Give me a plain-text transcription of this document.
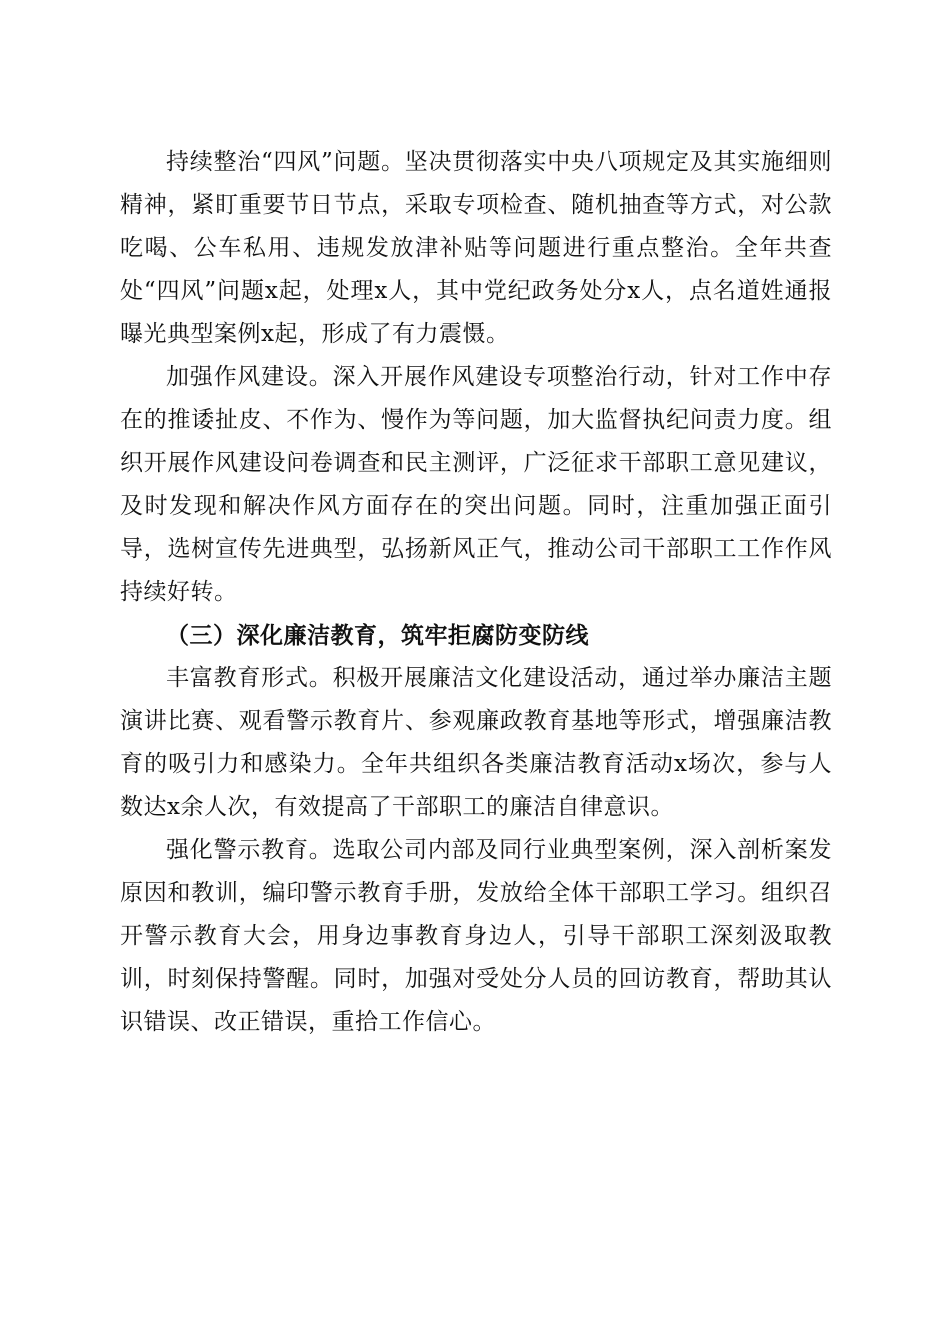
持续整治“四风”问题。坚决贯彻落实中央八项规定及其实施细则精神，紧盯重要节日节点，采取专项检查、随机抽查等方式，对公款吃喝、公车私用、违规发放津补贴等问题进行重点整治。全年共查处“四风”问题x起，处理x人，其中党纪政务处分x人，点名道姓通报曝光典型案例x起，形成了有力震慑。

加强作风建设。深入开展作风建设专项整治行动，针对工作中存在的推诿扯皮、不作为、慢作为等问题，加大监督执纪问责力度。组织开展作风建设问卷调查和民主测评，广泛征求干部职工意见建议，及时发现和解决作风方面存在的突出问题。同时，注重加强正面引导，选树宣传先进典型，弘扬新风正气，推动公司干部职工工作作风持续好转。

（三）深化廉洁教育，筑牢拒腐防变防线

丰富教育形式。积极开展廉洁文化建设活动，通过举办廉洁主题演讲比赛、观看警示教育片、参观廉政教育基地等形式，增强廉洁教育的吸引力和感染力。全年共组织各类廉洁教育活动x场次，参与人数达x余人次，有效提高了干部职工的廉洁自律意识。

强化警示教育。选取公司内部及同行业典型案例，深入剖析案发原因和教训，编印警示教育手册，发放给全体干部职工学习。组织召开警示教育大会，用身边事教育身边人，引导干部职工深刻汲取教训，时刻保持警醒。同时，加强对受处分人员的回访教育，帮助其认识错误、改正错误，重拾工作信心。
